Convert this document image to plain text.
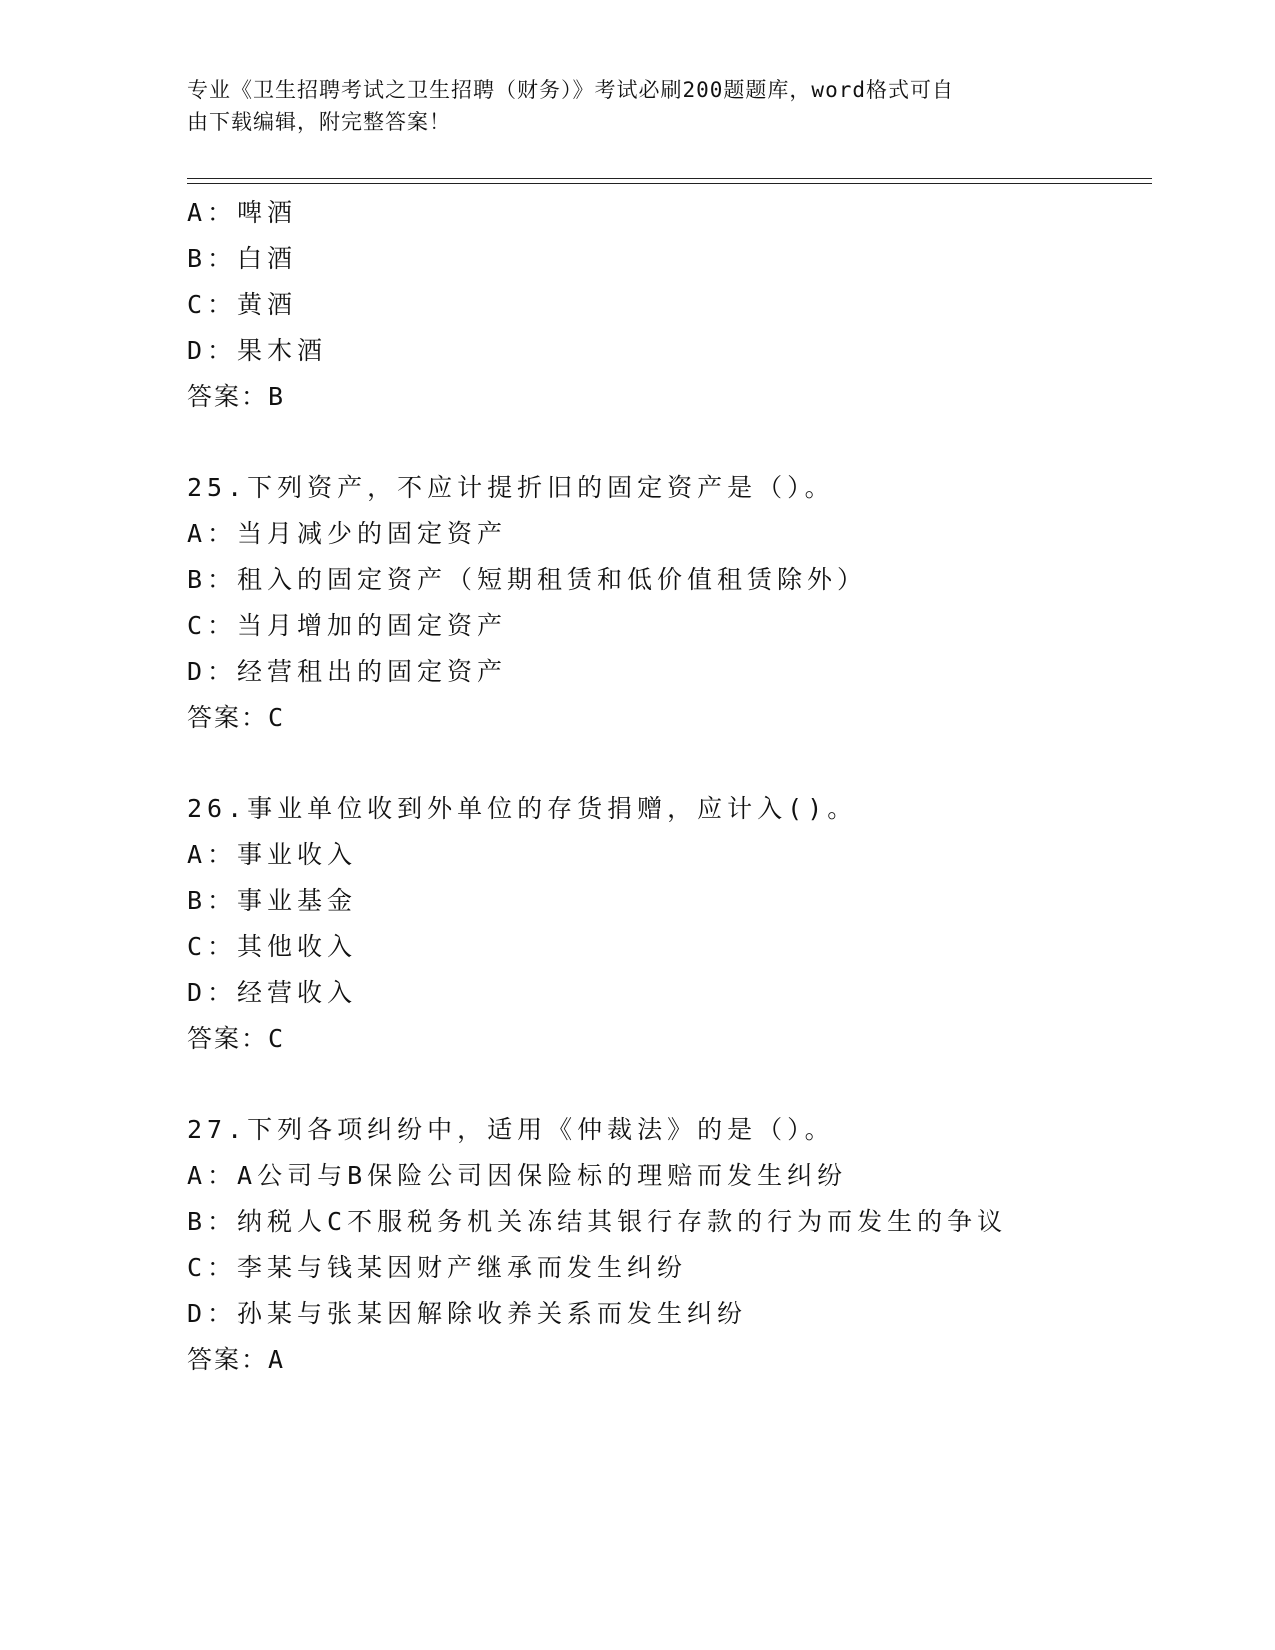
专业《卫生招聘考试之卫生招聘（财务）》考试必刷200题题库，word格式可自
由下载编辑，附完整答案！
A：啤酒
B：白酒
C：黄酒
D：果木酒
答案：B
25.下列资产，不应计提折旧的固定资产是（）。
A：当月减少的固定资产
B：租入的固定资产（短期租赁和低价值租赁除外）
C：当月增加的固定资产
D：经营租出的固定资产
答案：C
26.事业单位收到外单位的存货捐赠，应计入()。
A：事业收入
B：事业基金
C：其他收入
D：经营收入
答案：C
27.下列各项纠纷中，适用《仲裁法》的是（）。
A：A公司与B保险公司因保险标的理赔而发生纠纷
B：纳税人C不服税务机关冻结其银行存款的行为而发生的争议
C：李某与钱某因财产继承而发生纠纷
D：孙某与张某因解除收养关系而发生纠纷
答案：A
